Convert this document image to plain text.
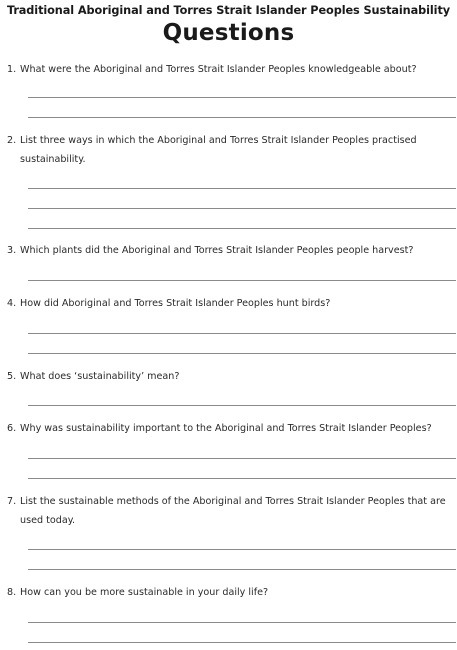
Traditional Aboriginal and Torres Strait Islander Peoples Sustainability
Questions
1. What were the Aboriginal and Torres Strait Islander Peoples knowledgeable about?
2. List three ways in which the Aboriginal and Torres Strait Islander Peoples practised sustainability.
3. Which plants did the Aboriginal and Torres Strait Islander Peoples people harvest?
4. How did Aboriginal and Torres Strait Islander Peoples hunt birds?
5. What does ‘sustainability’ mean?
6. Why was sustainability important to the Aboriginal and Torres Strait Islander Peoples?
7. List the sustainable methods of the Aboriginal and Torres Strait Islander Peoples that are used today.
8. How can you be more sustainable in your daily life?
